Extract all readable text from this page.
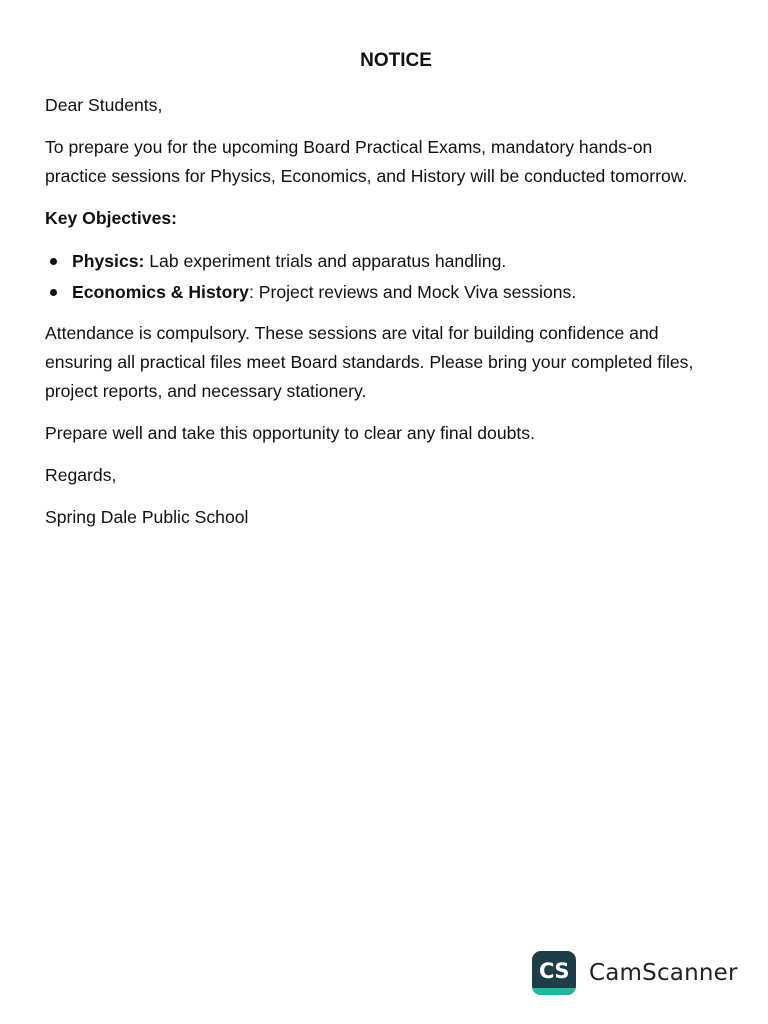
NOTICE

Dear Students,

To prepare you for the upcoming Board Practical Exams, mandatory hands-on
practice sessions for Physics, Economics, and History will be conducted tomorrow.

Key Objectives:

Physics: Lab experiment trials and apparatus handling.
Economics & History: Project reviews and Mock Viva sessions.

Attendance is compulsory. These sessions are vital for building confidence and
ensuring all practical files meet Board standards. Please bring your completed files,
project reports, and necessary stationery.

Prepare well and take this opportunity to clear any final doubts.

Regards,

Spring Dale Public School

CS CamScanner
